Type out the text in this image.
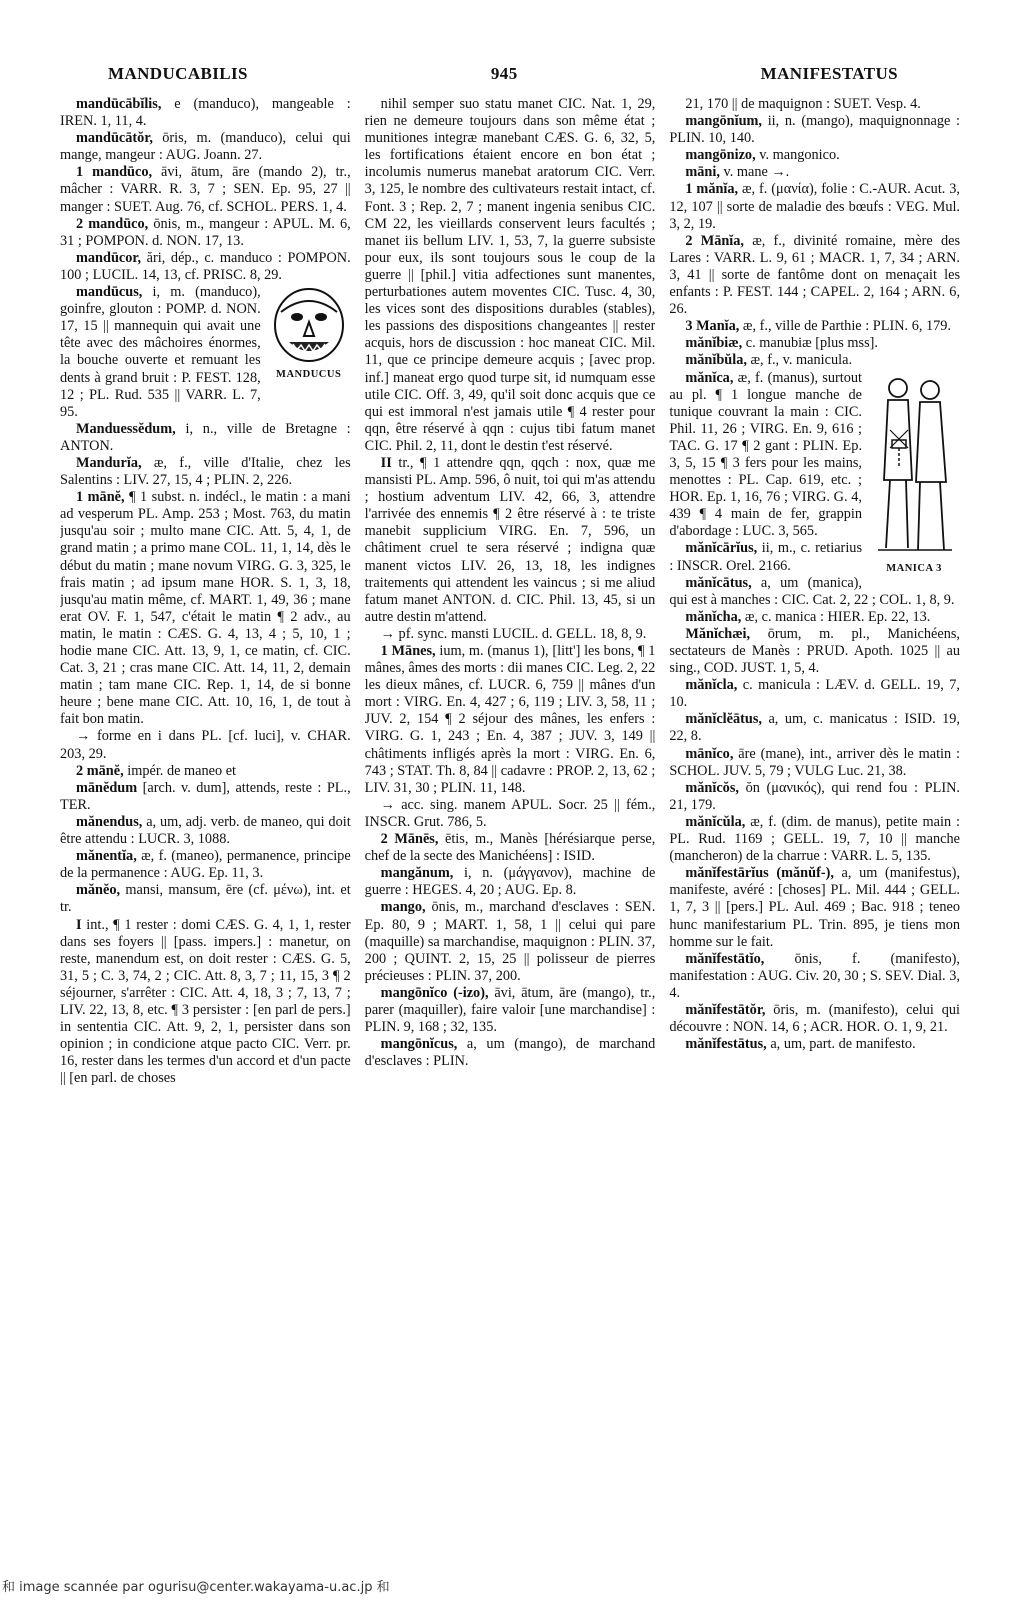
MANDUCABILIS	945	MANIFESTATUS

mandūcābĭlis, e (manduco), mangeable : IREN. 1, 11, 4.

mandūcātŏr, ōris, m. (manduco), celui qui mange, mangeur : AUG. Joann. 27.

1 mandūco, āvi, ātum, āre (mando 2), tr., mâcher : VARR. R. 3, 7 ; SEN. Ep. 95, 27 || manger : SUET. Aug. 76, cf. SCHOL. PERS. 1, 4.

2 mandūco, ōnis, m., mangeur : APUL. M. 6, 31 ; POMPON. d. NON. 17, 13.

mandūcor, ări, dép., c. manduco : POMPON. 100 ; LUCIL. 14, 13, cf. PRISC. 8, 29.

MANDUCUS

mandūcus, i, m. (manduco), goinfre, glouton : POMP. d. NON. 17, 15 || mannequin qui avait une tête avec des mâchoires énormes, la bouche ouverte et remuant les dents à grand bruit : P. FEST. 128, 12 ; PL. Rud. 535 || VARR. L. 7, 95.

Manduessĕdum, i, n., ville de Bretagne : ANTON.

Mandurĭa, æ, f., ville d'Italie, chez les Salentins : LIV. 27, 15, 4 ; PLIN. 2, 226.

1 mānĕ, ¶ 1 subst. n. indécl., le matin : a mani ad vesperum PL. Amp. 253 ; Most. 763, du matin jusqu'au soir ; multo mane CIC. Att. 5, 4, 1, de grand matin ; a primo mane COL. 11, 1, 14, dès le début du matin ; mane novum VIRG. G. 3, 325, le frais matin ; ad ipsum mane HOR. S. 1, 3, 18, jusqu'au matin même, cf. MART. 1, 49, 36 ; mane erat OV. F. 1, 547, c'était le matin ¶ 2 adv., au matin, le matin : CÆS. G. 4, 13, 4 ; 5, 10, 1 ; hodie mane CIC. Att. 13, 9, 1, ce matin, cf. CIC. Cat. 3, 21 ; cras mane CIC. Att. 14, 11, 2, demain matin ; tam mane CIC. Rep. 1, 14, de si bonne heure ; bene mane CIC. Att. 10, 16, 1, de tout à fait bon matin.

→ forme en i dans PL. [cf. luci], v. CHAR. 203, 29.

2 mānĕ, impér. de maneo et

mānĕdum [arch. v. dum], attends, reste : PL., TER.

mănendus, a, um, adj. verb. de maneo, qui doit être attendu : LUCR. 3, 1088.

mănentĭa, æ, f. (maneo), permanence, principe de la permanence : AUG. Ep. 11, 3.

mănĕo, mansi, mansum, ēre (cf. μένω), int. et tr.

I int., ¶ 1 rester : domi CÆS. G. 4, 1, 1, rester dans ses foyers || [pass. impers.] : manetur, on reste, manendum est, on doit rester : CÆS. G. 5, 31, 5 ; C. 3, 74, 2 ; CIC. Att. 8, 3, 7 ; 11, 15, 3 ¶ 2 séjourner, s'arrêter : CIC. Att. 4, 18, 3 ; 7, 13, 7 ; LIV. 22, 13, 8, etc. ¶ 3 persister : [en parl de pers.] in sententia CIC. Att. 9, 2, 1, persister dans son opinion ; in condicione atque pacto CIC. Verr. pr. 16, rester dans les termes d'un accord et d'un pacte || [en parl. de choses

nihil semper suo statu manet CIC. Nat. 1, 29, rien ne demeure toujours dans son même état ; munitiones integræ manebant CÆS. G. 6, 32, 5, les fortifications étaient encore en bon état ; incolumis numerus manebat aratorum CIC. Verr. 3, 125, le nombre des cultivateurs restait intact, cf. Font. 3 ; Rep. 2, 7 ; manent ingenia senibus CIC. CM 22, les vieillards conservent leurs facultés ; manet iis bellum LIV. 1, 53, 7, la guerre subsiste pour eux, ils sont toujours sous le coup de la guerre || [phil.] vitia adfectiones sunt manentes, perturbationes autem moventes CIC. Tusc. 4, 30, les vices sont des dispositions durables (stables), les passions des dispositions changeantes || rester acquis, hors de discussion : hoc maneat CIC. Mil. 11, que ce principe demeure acquis ; [avec prop. inf.] maneat ergo quod turpe sit, id numquam esse utile CIC. Off. 3, 49, qu'il soit donc acquis que ce qui est immoral n'est jamais utile ¶ 4 rester pour qqn, être réservé à qqn : cujus tibi fatum manet CIC. Phil. 2, 11, dont le destin t'est réservé.

II tr., ¶ 1 attendre qqn, qqch : nox, quæ me mansisti PL. Amp. 596, ô nuit, toi qui m'as attendu ; hostium adventum LIV. 42, 66, 3, attendre l'arrivée des ennemis ¶ 2 être réservé à : te triste manebit supplicium VIRG. En. 7, 596, un châtiment cruel te sera réservé ; indigna quæ manent victos LIV. 26, 13, 18, les indignes traitements qui attendent les vaincus ; si me aliud fatum manet ANTON. d. CIC. Phil. 13, 45, si un autre destin m'attend.

→ pf. sync. mansti LUCIL. d. GELL. 18, 8, 9.

1 Mānes, ium, m. (manus 1), [litt'] les bons, ¶ 1 mânes, âmes des morts : dii manes CIC. Leg. 2, 22 les dieux mânes, cf. LUCR. 6, 759 || mânes d'un mort : VIRG. En. 4, 427 ; 6, 119 ; LIV. 3, 58, 11 ; JUV. 2, 154 ¶ 2 séjour des mânes, les enfers : VIRG. G. 1, 243 ; En. 4, 387 ; JUV. 3, 149 || châtiments infligés après la mort : VIRG. En. 6, 743 ; STAT. Th. 8, 84 || cadavre : PROP. 2, 13, 62 ; LIV. 31, 30 ; PLIN. 11, 148.

→ acc. sing. manem APUL. Socr. 25 || fém., INSCR. Grut. 786, 5.

2 Mānēs, ētis, m., Manès [hérésiarque perse, chef de la secte des Manichéens] : ISID.

mangănum, i, n. (μάγγανον), machine de guerre : HEGES. 4, 20 ; AUG. Ep. 8.

mango, ōnis, m., marchand d'esclaves : SEN. Ep. 80, 9 ; MART. 1, 58, 1 || celui qui pare (maquille) sa marchandise, maquignon : PLIN. 37, 200 ; QUINT. 2, 15, 25 || polisseur de pierres précieuses : PLIN. 37, 200.

mangōnĭco (-izo), āvi, ātum, āre (mango), tr., parer (maquiller), faire valoir [une marchandise] : PLIN. 9, 168 ; 32, 135.

mangōnĭcus, a, um (mango), de marchand d'esclaves : PLIN.

21, 170 || de maquignon : SUET. Vesp. 4.

mangōnĭum, ii, n. (mango), maquignonnage : PLIN. 10, 140.

mangōnizo, v. mangonico.

māni, v. mane →.

1 mănĭa, æ, f. (μανία), folie : C.-AUR. Acut. 3, 12, 107 || sorte de maladie des bœufs : VEG. Mul. 3, 2, 19.

2 Mānĭa, æ, f., divinité romaine, mère des Lares : VARR. L. 9, 61 ; MACR. 1, 7, 34 ; ARN. 3, 41 || sorte de fantôme dont on menaçait les enfants : P. FEST. 144 ; CAPEL. 2, 164 ; ARN. 6, 26.

3 Manĭa, æ, f., ville de Parthie : PLIN. 6, 179.

mănĭbiæ, c. manubiæ [plus mss].

mănĭbŭla, æ, f., v. manicula.

MANICA 3

mănĭca, æ, f. (manus), surtout au pl. ¶ 1 longue manche de tunique couvrant la main : CIC. Phil. 11, 26 ; VIRG. En. 9, 616 ; TAC. G. 17 ¶ 2 gant : PLIN. Ep. 3, 5, 15 ¶ 3 fers pour les mains, menottes : PL. Cap. 619, etc. ; HOR. Ep. 1, 16, 76 ; VIRG. G. 4, 439 ¶ 4 main de fer, grappin d'abordage : LUC. 3, 565.

mănĭcārĭus, ii, m., c. retiarius : INSCR. Orel. 2166.

mănĭcātus, a, um (manica), qui est à manches : CIC. Cat. 2, 22 ; COL. 1, 8, 9.

mănĭcha, æ, c. manica : HIER. Ep. 22, 13.

Mănĭchæi, ōrum, m. pl., Manichéens, sectateurs de Manès : PRUD. Apoth. 1025 || au sing., COD. JUST. 1, 5, 4.

mănĭcla, c. manicula : LÆV. d. GELL. 19, 7, 10.

mănĭclĕātus, a, um, c. manicatus : ISID. 19, 22, 8.

mānĭco, āre (mane), int., arriver dès le matin : SCHOL. JUV. 5, 79 ; VULG Luc. 21, 38.

mănĭcŏs, ŏn (μανικός), qui rend fou : PLIN. 21, 179.

mănĭcŭla, æ, f. (dim. de manus), petite main : PL. Rud. 1169 ; GELL. 19, 7, 10 || manche (mancheron) de la charrue : VARR. L. 5, 135.

mănĭfestārĭus (mănŭf-), a, um (manifestus), manifeste, avéré : [choses] PL. Mil. 444 ; GELL. 1, 7, 3 || [pers.] PL. Aul. 469 ; Bac. 918 ; teneo hunc manifestarium PL. Trin. 895, je tiens mon homme sur le fait.

mănĭfestātĭo, ōnis, f. (manifesto), manifestation : AUG. Civ. 20, 30 ; S. SEV. Dial. 3, 4.

mănĭfestātŏr, ōris, m. (manifesto), celui qui découvre : NON. 14, 6 ; ACR. HOR. O. 1, 9, 21.

mănĭfestātus, a, um, part. de manifesto.

和 image scannée par ogurisu@center.wakayama-u.ac.jp 和
